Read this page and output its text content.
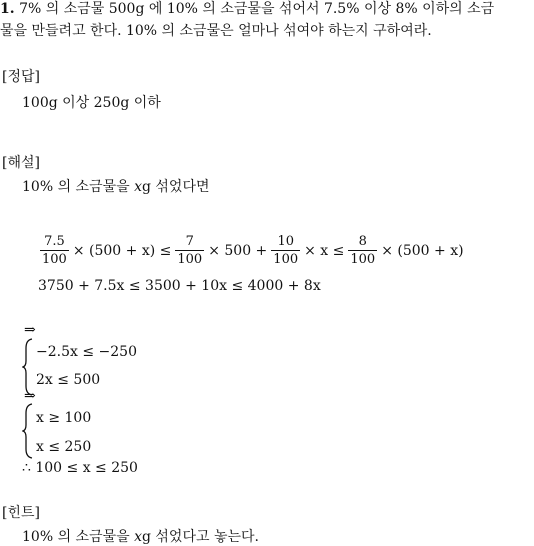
1. 7% 의 소금물 500g 에 10% 의 소금물을 섞어서 7.5% 이상 8% 이하의 소금
물을 만들려고 한다. 10% 의 소금물은 얼마나 섞여야 하는지 구하여라.
[정답]
100g 이상 250g 이하
[해설]
10% 의 소금물을 xg 섞었다면
$\frac{7.5}{100} \times (500 + x) \le \frac{7}{100} \times 500 + \frac{10}{100} \times x \le \frac{8}{100} \times (500 + x)$
3750 + 7.5x ≤ 3500 + 10x ≤ 4000 + 8x
⇒
−2.5x ≤ −250
2x ≤ 500
⇒
x ≥ 100
x ≤ 250
∴ 100 ≤ x ≤ 250
[힌트]
10% 의 소금물을 xg 섞었다고 놓는다.
